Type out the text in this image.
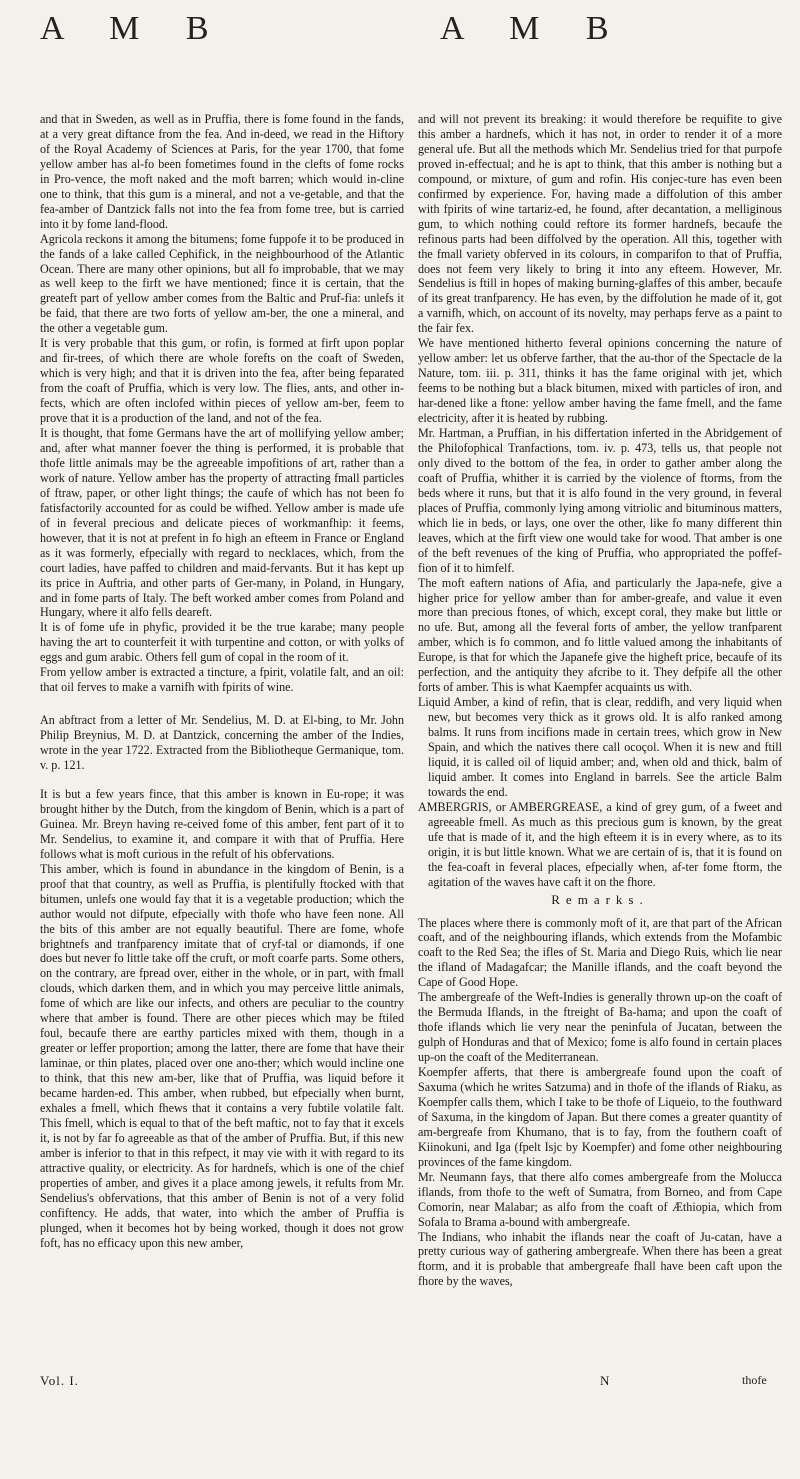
A M B	A M B

and that in Sweden, as well as in Pruffia, there is fome found in the fands, at a very great diftance from the fea. And in-deed, we read in the Hiftory of the Royal Academy of Sciences at Paris, for the year 1700, that fome yellow amber has al-fo been fometimes found in the clefts of fome rocks in Pro-vence, the moft naked and the moft barren; which would in-cline one to think, that this gum is a mineral, and not a ve-getable, and that the fea-amber of Dantzick falls not into the fea from fome tree, but is carried into it by fome land-flood.

Agricola reckons it among the bitumens; fome fuppofe it to be produced in the fands of a lake called Cephifick, in the neighbourhood of the Atlantic Ocean. There are many other opinions, but all fo improbable, that we may as well keep to the firft we have mentioned; fince it is certain, that the greateft part of yellow amber comes from the Baltic and Pruf-fia: unlefs it be faid, that there are two forts of yellow am-ber, the one a mineral, and the other a vegetable gum.

It is very probable that this gum, or rofin, is formed at firft upon poplar and fir-trees, of which there are whole forefts on the coaft of Sweden, which is very high; and that it is driven into the fea, after being feparated from the coaft of Pruffia, which is very low. The flies, ants, and other in-fects, which are often inclofed within pieces of yellow am-ber, feem to prove that it is a production of the land, and not of the fea.

It is thought, that fome Germans have the art of mollifying yellow amber; and, after what manner foever the thing is performed, it is probable that thofe little animals may be the agreeable impofitions of art, rather than a work of nature. Yellow amber has the property of attracting fmall particles of ftraw, paper, or other light things; the caufe of which has not been fo fatisfactorily accounted for as could be wifhed. Yellow amber is made ufe of in feveral precious and delicate pieces of workmanfhip: it feems, however, that it is not at prefent in fo high an efteem in France or England as it was formerly, efpecially with regard to necklaces, which, from the court ladies, have paffed to children and maid-fervants. But it has kept up its price in Auftria, and other parts of Ger-many, in Poland, in Hungary, and in fome parts of Italy. The beft worked amber comes from Poland and Hungary, where it alfo fells deareft.

It is of fome ufe in phyfic, provided it be the true karabe; many people having the art to counterfeit it with turpentine and cotton, or with yolks of eggs and gum arabic. Others fell gum of copal in the room of it.

From yellow amber is extracted a tincture, a fpirit, volatile falt, and an oil: that oil ferves to make a varnifh with fpirits of wine.

An abftract from a letter of Mr. Sendelius, M. D. at El-bing, to Mr. John Philip Breynius, M. D. at Dantzick, concerning the amber of the Indies, wrote in the year 1722. Extracted from the Bibliotheque Germanique, tom. v. p. 121.

It is but a few years fince, that this amber is known in Eu-rope; it was brought hither by the Dutch, from the kingdom of Benin, which is a part of Guinea. Mr. Breyn having re-ceived fome of this amber, fent part of it to Mr. Sendelius, to examine it, and compare it with that of Pruffia. Here follows what is moft curious in the refult of his obfervations.

This amber, which is found in abundance in the kingdom of Benin, is a proof that that country, as well as Pruffia, is plentifully ftocked with that bitumen, unlefs one would fay that it is a vegetable production; which the author would not difpute, efpecially with thofe who have feen none. All the bits of this amber are not equally beautiful. There are fome, whofe brightnefs and tranfparency imitate that of cryf-tal or diamonds, if one does but never fo little take off the cruft, or moft coarfe parts. Some others, on the contrary, are fpread over, either in the whole, or in part, with fmall clouds, which darken them, and in which you may perceive little animals, fome of which are like our infects, and others are peculiar to the country where that amber is found. There are other pieces which may be ftiled foul, becaufe there are earthy particles mixed with them, though in a greater or leffer proportion; among the latter, there are fome that have their laminae, or thin plates, placed over one ano-ther; which would incline one to think, that this new am-ber, like that of Pruffia, was liquid before it became harden-ed. This amber, when rubbed, but efpecially when burnt, exhales a fmell, which fhews that it contains a very fubtile volatile falt. This fmell, which is equal to that of the beft maftic, not to fay that it excels it, is not by far fo agreeable as that of the amber of Pruffia. But, if this new amber is inferior to that in this refpect, it may vie with it with regard to its attractive quality, or electricity. As for hardnefs, which is one of the chief properties of amber, and gives it a place among jewels, it refults from Mr. Sendelius's obfervations, that this amber of Benin is not of a very folid confiftency. He adds, that water, into which the amber of Pruffia is plunged, when it becomes hot by being worked, though it does not grow foft, has no efficacy upon this new amber,

and will not prevent its breaking: it would therefore be requifite to give this amber a hardnefs, which it has not, in order to render it of a more general ufe. But all the methods which Mr. Sendelius tried for that purpofe proved in-effectual; and he is apt to think, that this amber is nothing but a compound, or mixture, of gum and rofin. His conjec-ture has even been confirmed by experience. For, having made a diffolution of this amber with fpirits of wine tartariz-ed, he found, after decantation, a melliginous gum, to which nothing could reftore its former hardnefs, becaufe the refinous parts had been diffolved by the operation. All this, together with the fmall variety obferved in its colours, in comparifon to that of Pruffia, does not feem very likely to bring it into any efteem. However, Mr. Sendelius is ftill in hopes of making burning-glaffes of this amber, becaufe of its great tranfparency. He has even, by the diffolution he made of it, got a varnifh, which, on account of its novelty, may perhaps ferve as a paint to the fair fex.

We have mentioned hitherto feveral opinions concerning the nature of yellow amber: let us obferve farther, that the au-thor of the Spectacle de la Nature, tom. iii. p. 311, thinks it has the fame original with jet, which feems to be nothing but a black bitumen, mixed with particles of iron, and har-dened like a ftone: yellow amber having the fame fmell, and the fame electricity, after it is heated by rubbing.

Mr. Hartman, a Pruffian, in his differtation inferted in the Abridgement of the Philofophical Tranfactions, tom. iv. p. 473, tells us, that people not only dived to the bottom of the fea, in order to gather amber along the coaft of Pruffia, whither it is carried by the violence of ftorms, from the beds where it runs, but that it is alfo found in the very ground, in feveral places of Pruffia, commonly lying among vitriolic and bituminous matters, which lie in beds, or lays, one over the other, like fo many different thin leaves, which at the firft view one would take for wood. That amber is one of the beft revenues of the king of Pruffia, who appropriated the poffef-fion of it to himfelf.

The moft eaftern nations of Afia, and particularly the Japa-nefe, give a higher price for yellow amber than for amber-greafe, and value it even more than precious ftones, of which, except coral, they make but little or no ufe. But, among all the feveral forts of amber, the yellow tranfparent amber, which is fo common, and fo little valued among the inhabitants of Europe, is that for which the Japanefe give the higheft price, becaufe of its perfection, and the antiquity they afcribe to it. They defpife all the other forts of amber. This is what Kaempfer acquaints us with.

Liquid Amber, a kind of refin, that is clear, reddifh, and very liquid when new, but becomes very thick as it grows old. It is alfo ranked among balms. It runs from incifions made in certain trees, which grow in New Spain, and which the natives there call ocoçol. When it is new and ftill liquid, it is called oil of liquid amber; and, when old and thick, balm of liquid amber. It comes into England in barrels. See the article Balm towards the end.

AMBERGRIS, or AMBERGREASE, a kind of grey gum, of a fweet and agreeable fmell. As much as this precious gum is known, by the great ufe that is made of it, and the high efteem it is in every where, as to its origin, it is but little known. What we are certain of is, that it is found on the fea-coaft in feveral places, efpecially when, af-ter fome ftorm, the agitation of the waves have caft it on the fhore.

Remarks.

The places where there is commonly moft of it, are that part of the African coaft, and of the neighbouring iflands, which extends from the Mofambic coaft to the Red Sea; the ifles of St. Maria and Diego Ruis, which lie near the ifland of Madagafcar; the Manille iflands, and the coaft beyond the Cape of Good Hope.

The ambergreafe of the Weft-Indies is generally thrown up-on the coaft of the Bermuda Iflands, in the ftreight of Ba-hama; and upon the coaft of thofe iflands which lie very near the peninfula of Jucatan, between the gulph of Honduras and that of Mexico; fome is alfo found in certain places up-on the coaft of the Mediterranean.

Koempfer afferts, that there is ambergreafe found upon the coaft of Saxuma (which he writes Satzuma) and in thofe of the iflands of Riaku, as Koempfer calls them, which I take to be thofe of Liqueio, to the fouthward of Saxuma, in the kingdom of Japan. But there comes a greater quantity of am-bergreafe from Khumano, that is to fay, from the fouthern coaft of Kiinokuni, and Iga (fpelt Isjc by Koempfer) and fome other neighbouring provinces of the fame kingdom.

Mr. Neumann fays, that there alfo comes ambergreafe from the Molucca iflands, from thofe to the weft of Sumatra, from Borneo, and from Cape Comorin, near Malabar; as alfo from the coaft of Æthiopia, which from Sofala to Brama a-bound with ambergreafe.

The Indians, who inhabit the iflands near the coaft of Ju-catan, have a pretty curious way of gathering ambergreafe. When there has been a great ftorm, and it is probable that ambergreafe fhall have been caft upon the fhore by the waves,

Vol. I.	N	thofe
